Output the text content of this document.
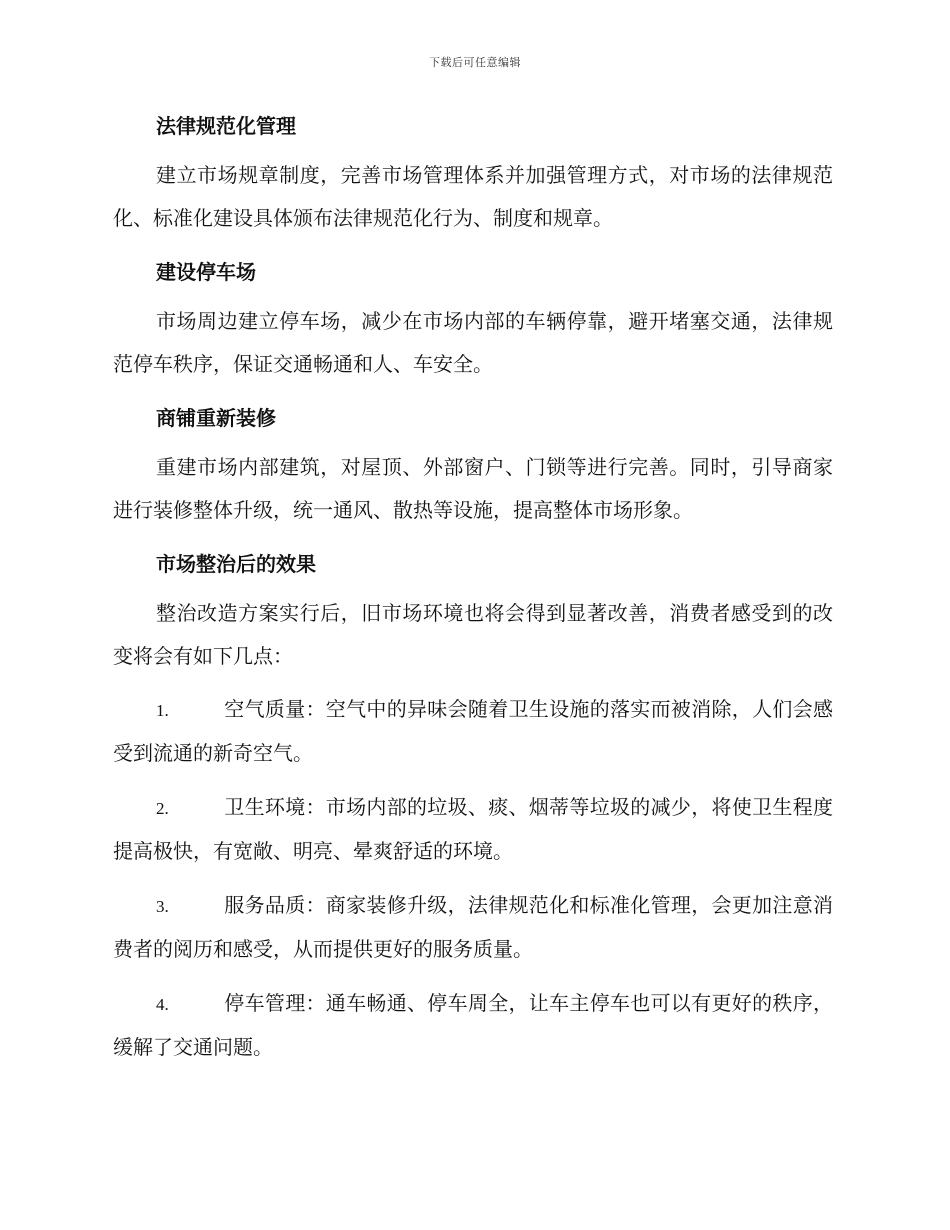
下载后可任意编辑
法律规范化管理

建立市场规章制度，完善市场管理体系并加强管理方式，对市场的法律规范化、标准化建设具体颁布法律规范化行为、制度和规章。

建设停车场

市场周边建立停车场，减少在市场内部的车辆停靠，避开堵塞交通，法律规范停车秩序，保证交通畅通和人、车安全。

商铺重新装修

重建市场内部建筑，对屋顶、外部窗户、门锁等进行完善。同时，引导商家进行装修整体升级，统一通风、散热等设施，提高整体市场形象。

市场整治后的效果

整治改造方案实行后，旧市场环境也将会得到显著改善，消费者感受到的改变将会有如下几点：

1.	空气质量：空气中的异味会随着卫生设施的落实而被消除，人们会感受到流通的新奇空气。

2.	卫生环境：市场内部的垃圾、痰、烟蒂等垃圾的减少，将使卫生程度提高极快，有宽敞、明亮、晕爽舒适的环境。

3.	服务品质：商家装修升级，法律规范化和标准化管理，会更加注意消费者的阅历和感受，从而提供更好的服务质量。

4.	停车管理：通车畅通、停车周全，让车主停车也可以有更好的秩序，缓解了交通问题。
